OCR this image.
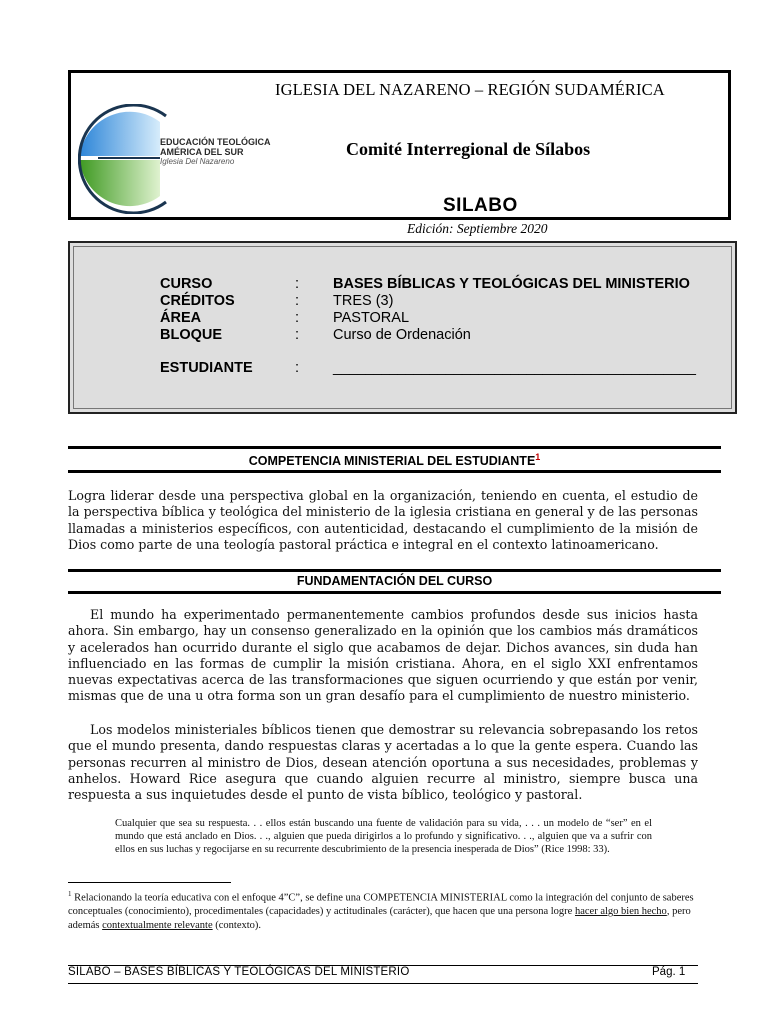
EDUCACIÓN TEOLÓGICA
AMÉRICA DEL SUR
Iglesia Del Nazareno
IGLESIA DEL NAZARENO – REGIÓN SUDAMÉRICA
Comité Interregional de Sílabos
SILABO
Edición: Septiembre 2020
CURSO	: BASES BÍBLICAS Y TEOLÓGICAS DEL MINISTERIO
CRÉDITOS	: TRES (3)
ÁREA	: PASTORAL
BLOQUE	: Curso de Ordenación
ESTUDIANTE	: _____________________________________________
COMPETENCIA MINISTERIAL DEL ESTUDIANTE$^1$
Logra liderar desde una perspectiva global en la organización, teniendo en cuenta, el estudio de la perspectiva bíblica y teológica del ministerio de la iglesia cristiana en general y de las personas llamadas a ministerios específicos, con autenticidad, destacando el cumplimiento de la misión de Dios como parte de una teología pastoral práctica e integral en el contexto latinoamericano.
FUNDAMENTACIÓN DEL CURSO
El mundo ha experimentado permanentemente cambios profundos desde sus inicios hasta ahora. Sin embargo, hay un consenso generalizado en la opinión que los cambios más dramáticos y acelerados han ocurrido durante el siglo que acabamos de dejar. Dichos avances, sin duda han influenciado en las formas de cumplir la misión cristiana. Ahora, en el siglo XXI enfrentamos nuevas expectativas acerca de las transformaciones que siguen ocurriendo y que están por venir, mismas que de una u otra forma son un gran desafío para el cumplimiento de nuestro ministerio.
Los modelos ministeriales bíblicos tienen que demostrar su relevancia sobrepasando los retos que el mundo presenta, dando respuestas claras y acertadas a lo que la gente espera. Cuando las personas recurren al ministro de Dios, desean atención oportuna a sus necesidades, problemas y anhelos. Howard Rice asegura que cuando alguien recurre al ministro, siempre busca una respuesta a sus inquietudes desde el punto de vista bíblico, teológico y pastoral.
Cualquier que sea su respuesta. . . ellos están buscando una fuente de validación para su vida, . . . un modelo de “ser” en el mundo que está anclado en Dios. . ., alguien que pueda dirigirlos a lo profundo y significativo. . ., alguien que va a sufrir con ellos en sus luchas y regocijarse en su recurrente descubrimiento de la presencia inesperada de Dios” (Rice 1998: 33).
$^1$ Relacionando la teoría educativa con el enfoque 4”C”, se define una COMPETENCIA MINISTERIAL como la integración del conjunto de saberes conceptuales (conocimiento), procedimentales (capacidades) y actitudinales (carácter), que hacen que una persona logre hacer algo bien hecho, pero además contextualmente relevante (contexto).
SILABO – BASES BÍBLICAS Y TEOLÓGICAS DEL MINISTERIO	Pág. 1
